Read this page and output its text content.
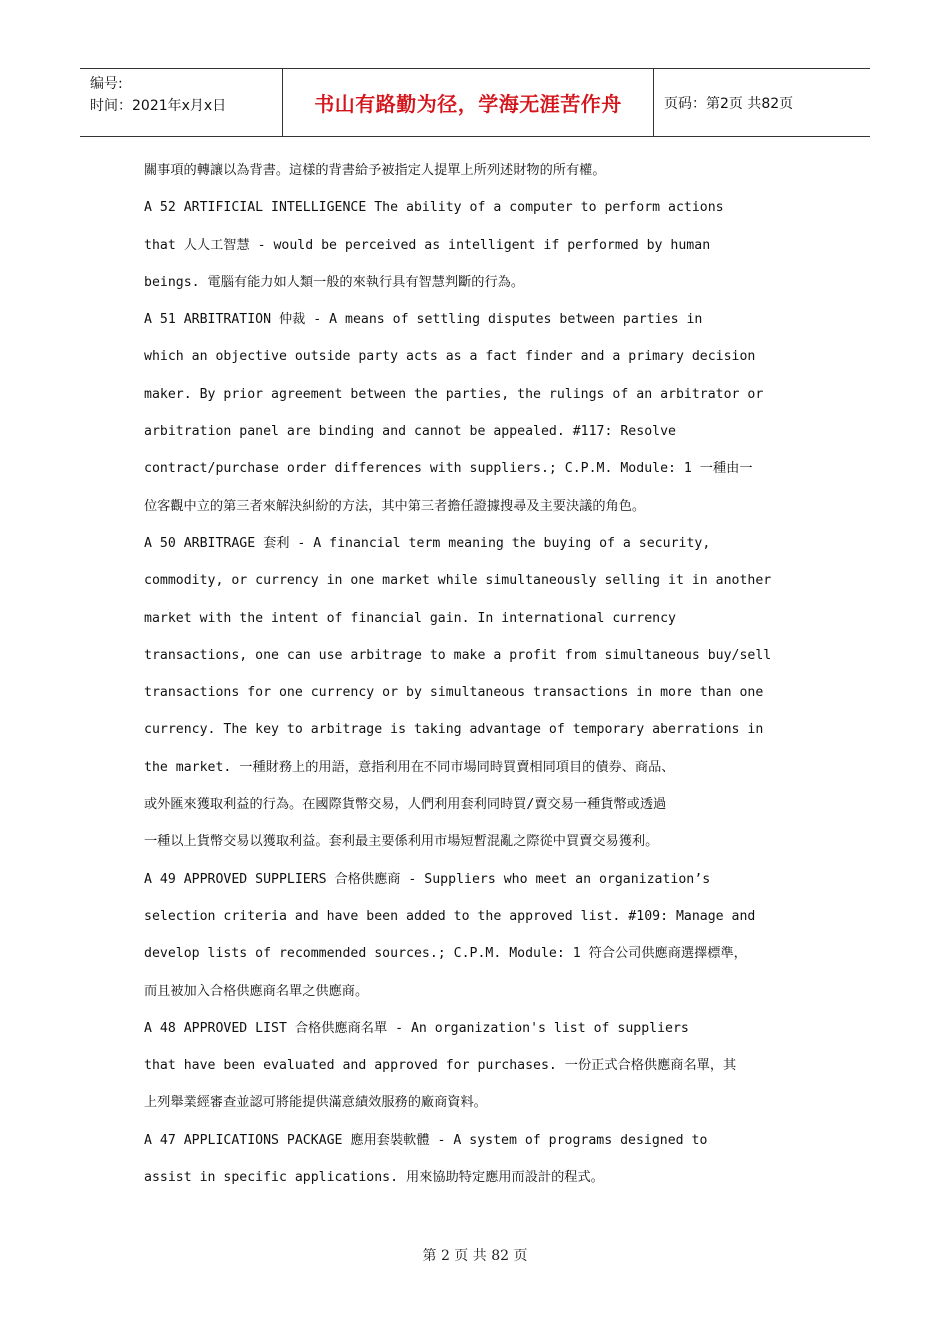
编号:
时间：2021年x月x日	书山有路勤为径，学海无涯苦作舟	页码：第2页 共82页
關事項的轉讓以為背書。這樣的背書給予被指定人提單上所列述財物的所有權。
A 52 ARTIFICIAL INTELLIGENCE The ability of a computer to perform actions
that 人人工智慧 - would be perceived as intelligent if performed by human
beings. 電腦有能力如人類一般的來執行具有智慧判斷的行為。
A 51 ARBITRATION 仲裁 - A means of settling disputes between parties in
which an objective outside party acts as a fact finder and a primary decision
maker. By prior agreement between the parties, the rulings of an arbitrator or
arbitration panel are binding and cannot be appealed. #117: Resolve
contract/purchase order differences with suppliers.; C.P.M. Module: 1 一種由一
位客觀中立的第三者來解決糾紛的方法，其中第三者擔任證據搜尋及主要決議的角色。
A 50 ARBITRAGE 套利 - A financial term meaning the buying of a security,
commodity, or currency in one market while simultaneously selling it in another
market with the intent of financial gain. In international currency
transactions, one can use arbitrage to make a profit from simultaneous buy/sell
transactions for one currency or by simultaneous transactions in more than one
currency. The key to arbitrage is taking advantage of temporary aberrations in
the market. 一種財務上的用語，意指利用在不同市場同時買賣相同項目的債券、商品、
或外匯來獲取利益的行為。在國際貨幣交易，人們利用套利同時買/賣交易一種貨幣或透過
一種以上貨幣交易以獲取利益。套利最主要係利用市場短暫混亂之際從中買賣交易獲利。
A 49 APPROVED SUPPLIERS 合格供應商 - Suppliers who meet an organization’s
selection criteria and have been added to the approved list. #109: Manage and
develop lists of recommended sources.; C.P.M. Module: 1 符合公司供應商選擇標準，
而且被加入合格供應商名單之供應商。
A 48 APPROVED LIST 合格供應商名單 - An organization's list of suppliers
that have been evaluated and approved for purchases. 一份正式合格供應商名單，其
上列舉業經審查並認可將能提供滿意績效服務的廠商資料。
A 47 APPLICATIONS PACKAGE 應用套裝軟體 - A system of programs designed to
assist in specific applications. 用來協助特定應用而設計的程式。
第 2 页 共 82 页
